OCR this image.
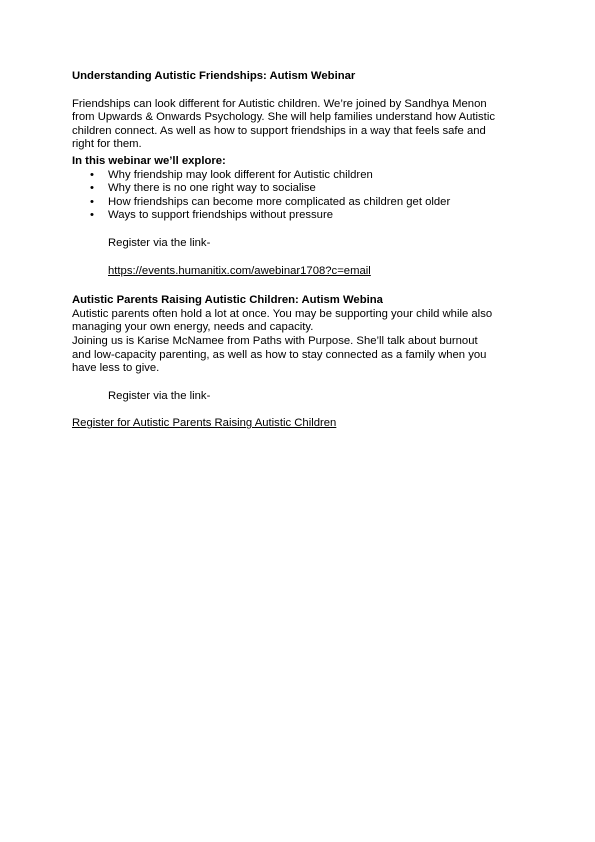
Understanding Autistic Friendships: Autism Webinar

Friendships can look different for Autistic children. We’re joined by Sandhya Menon

from Upwards & Onwards Psychology. She will help families understand how Autistic

children connect. As well as how to support friendships in a way that feels safe and

right for them.

In this webinar we’ll explore:

• Why friendship may look different for Autistic children
• Why there is no one right way to socialise
• How friendships can become more complicated as children get older
• Ways to support friendships without pressure

Register via the link-

https://events.humanitix.com/awebinar1708?c=email

Autistic Parents Raising Autistic Children: Autism Webina

Autistic parents often hold a lot at once. You may be supporting your child while also

managing your own energy, needs and capacity.

Joining us is Karise McNamee from Paths with Purpose. She’ll talk about burnout

and low-capacity parenting, as well as how to stay connected as a family when you

have less to give.

Register via the link-

Register for Autistic Parents Raising Autistic Children
